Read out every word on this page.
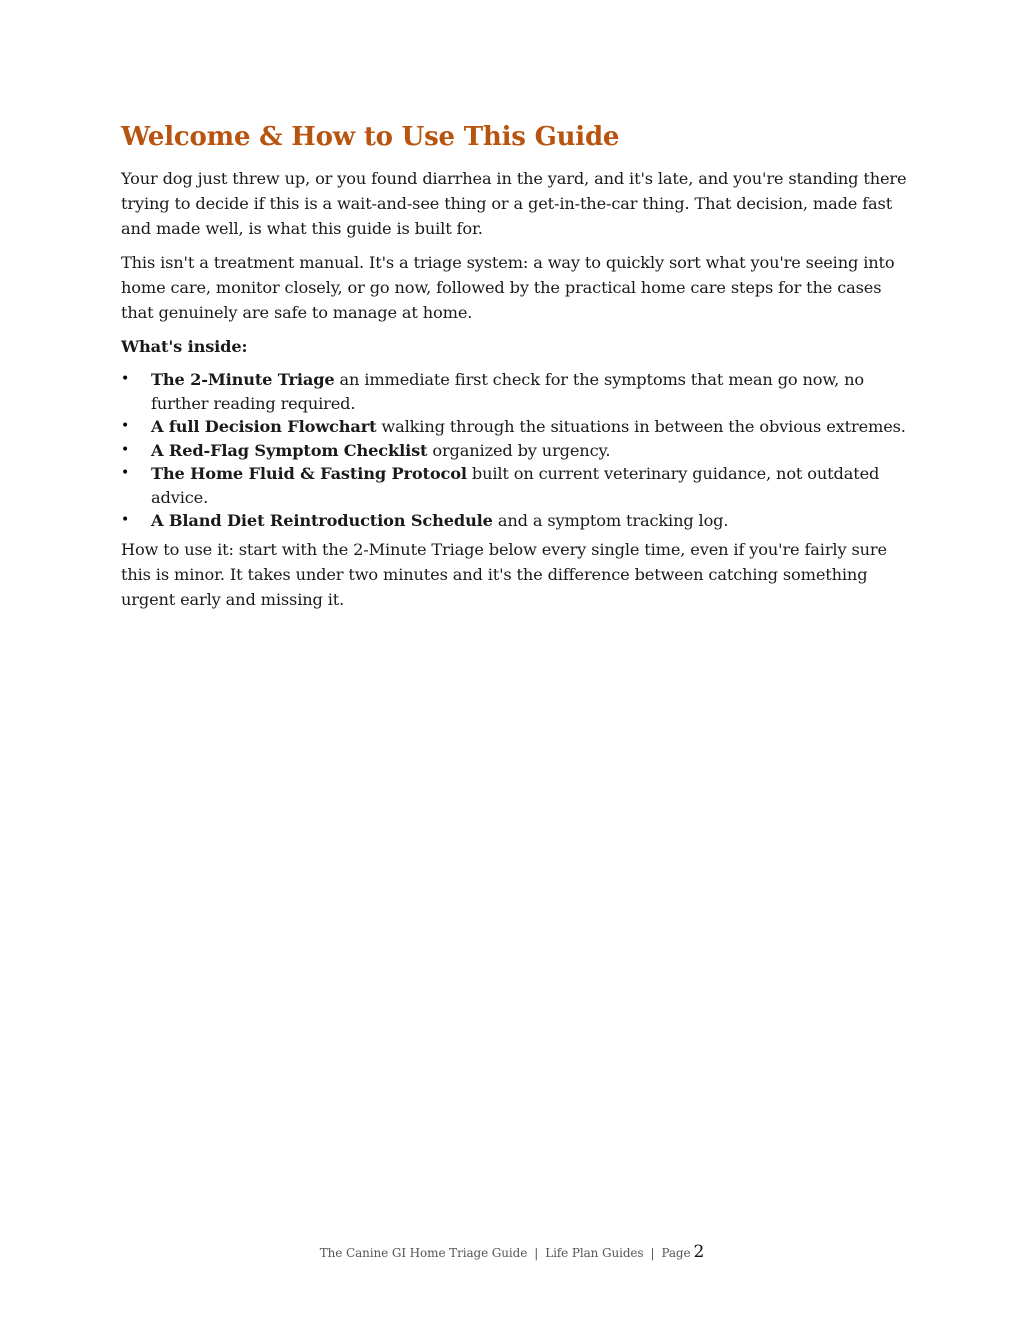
Welcome & How to Use This Guide

Your dog just threw up, or you found diarrhea in the yard, and it's late, and you're standing there trying to decide if this is a wait-and-see thing or a get-in-the-car thing. That decision, made fast and made well, is what this guide is built for.

This isn't a treatment manual. It's a triage system: a way to quickly sort what you're seeing into home care, monitor closely, or go now, followed by the practical home care steps for the cases that genuinely are safe to manage at home.

What's inside:

• The 2-Minute Triage an immediate first check for the symptoms that mean go now, no further reading required.
• A full Decision Flowchart walking through the situations in between the obvious extremes.
• A Red-Flag Symptom Checklist organized by urgency.
• The Home Fluid & Fasting Protocol built on current veterinary guidance, not outdated advice.
• A Bland Diet Reintroduction Schedule and a symptom tracking log.

How to use it: start with the 2-Minute Triage below every single time, even if you're fairly sure this is minor. It takes under two minutes and it's the difference between catching something urgent early and missing it.

The Canine GI Home Triage Guide | Life Plan Guides | Page 2
